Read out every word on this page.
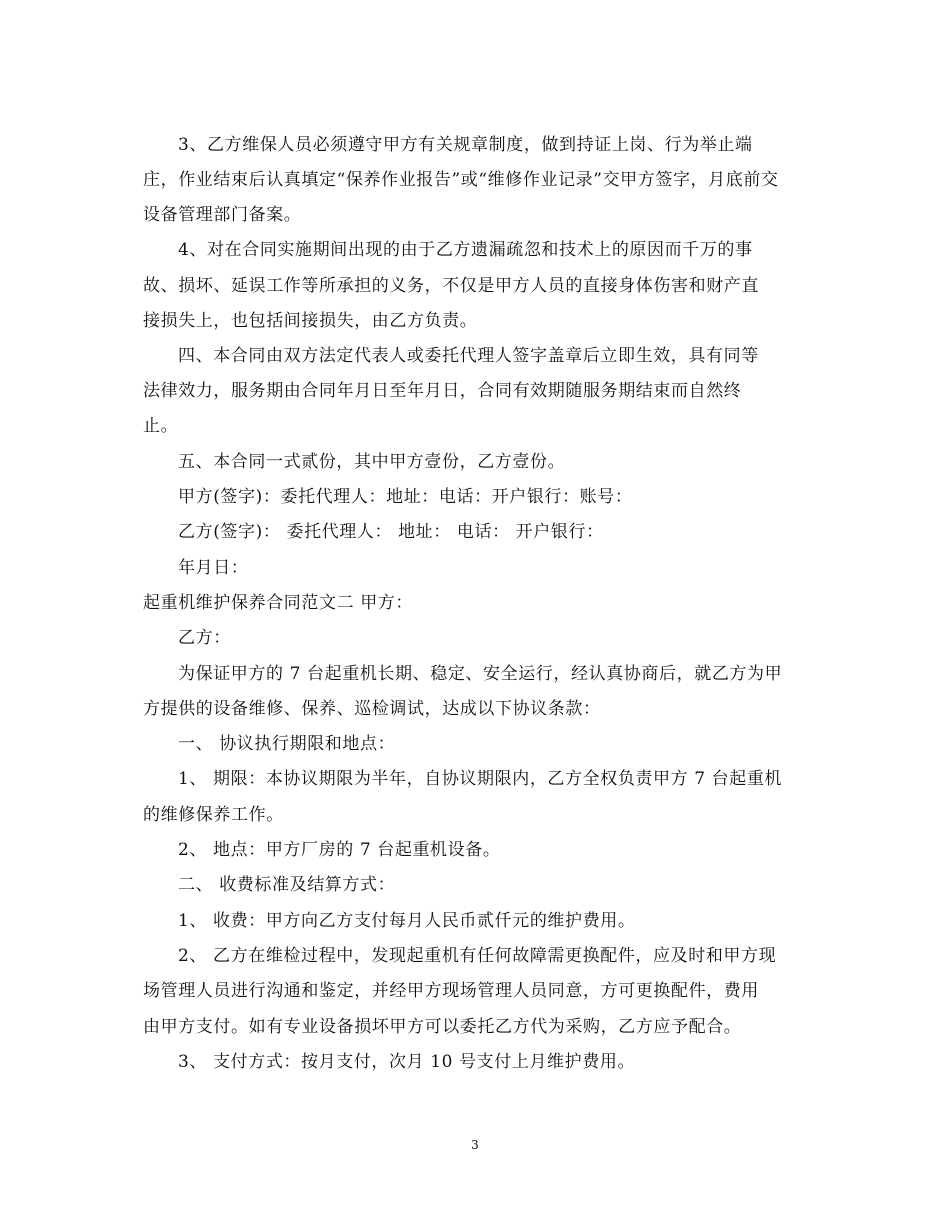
3、乙方维保人员必须遵守甲方有关规章制度，做到持证上岗、行为举止端
庄，作业结束后认真填定“保养作业报告”或“维修作业记录”交甲方签字，月底前交
设备管理部门备案。
4、对在合同实施期间出现的由于乙方遗漏疏忽和技术上的原因而千万的事
故、损坏、延误工作等所承担的义务，不仅是甲方人员的直接身体伤害和财产直
接损失上，也包括间接损失，由乙方负责。
四、本合同由双方法定代表人或委托代理人签字盖章后立即生效，具有同等
法律效力，服务期由合同年月日至年月日，合同有效期随服务期结束而自然终
止。
五、本合同一式贰份，其中甲方壹份，乙方壹份。
甲方(签字)：委托代理人：地址：电话：开户银行：账号：
乙方(签字)： 委托代理人： 地址： 电话： 开户银行：
年月日：
起重机维护保养合同范文二 甲方：
乙方：
为保证甲方的 7 台起重机长期、稳定、安全运行，经认真协商后，就乙方为甲
方提供的设备维修、保养、巡检调试，达成以下协议条款：
一、 协议执行期限和地点：
1、 期限：本协议期限为半年，自协议期限内，乙方全权负责甲方 7 台起重机
的维修保养工作。
2、 地点：甲方厂房的 7 台起重机设备。
二、 收费标准及结算方式：
1、 收费：甲方向乙方支付每月人民币贰仟元的维护费用。
2、 乙方在维检过程中，发现起重机有任何故障需更换配件，应及时和甲方现
场管理人员进行沟通和鉴定，并经甲方现场管理人员同意，方可更换配件，费用
由甲方支付。如有专业设备损坏甲方可以委托乙方代为采购，乙方应予配合。
3、 支付方式：按月支付，次月 10 号支付上月维护费用。
3
